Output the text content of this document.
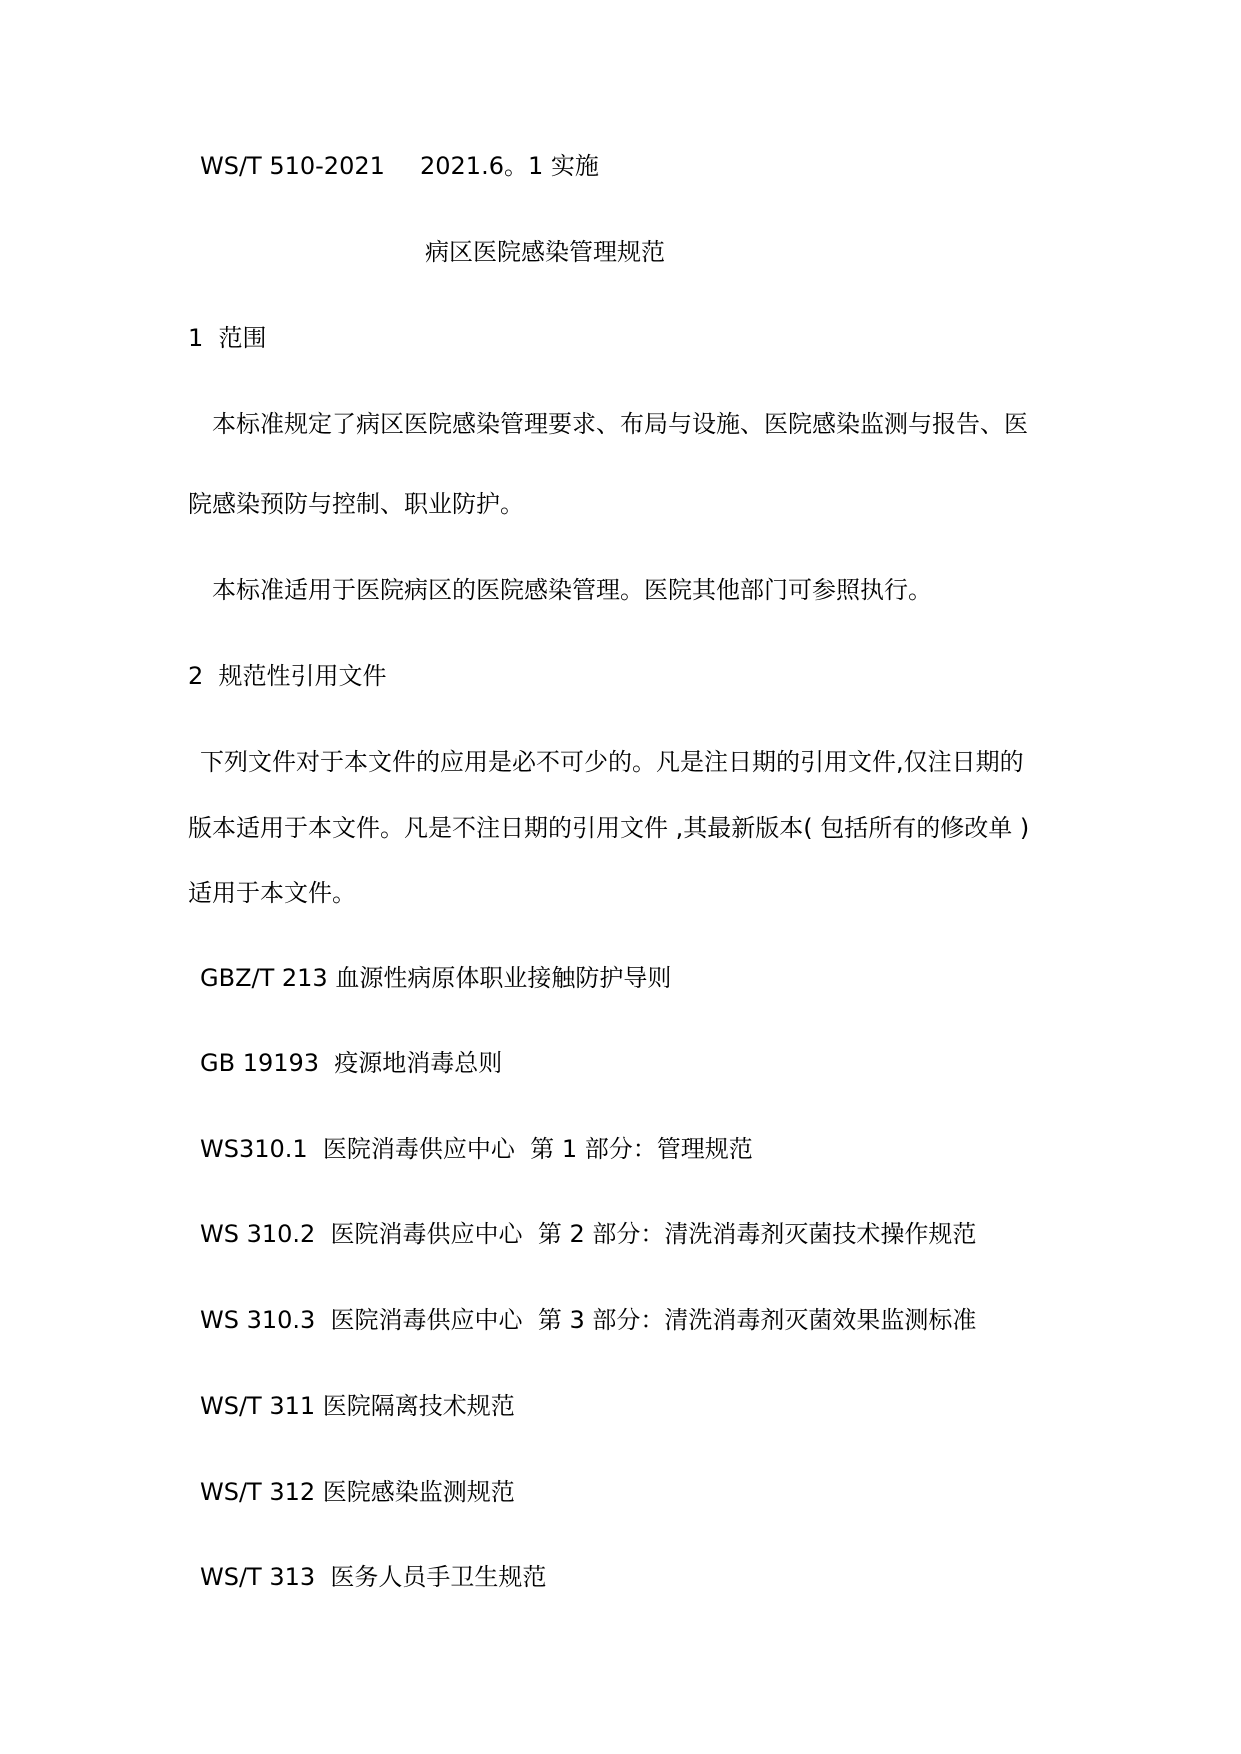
WS/T 510-2021 2021.6。1 实施

病区医院感染管理规范

1  范围

本标准规定了病区医院感染管理要求、布局与设施、医院感染监测与报告、医

院感染预防与控制、职业防护。

本标准适用于医院病区的医院感染管理。医院其他部门可参照执行。

2  规范性引用文件

下列文件对于本文件的应用是必不可少的。凡是注日期的引用文件,仅注日期的

版本适用于本文件。凡是不注日期的引用文件 ,其最新版本( 包括所有的修改单 )

适用于本文件。

GBZ/T 213 血源性病原体职业接触防护导则

GB 19193  疫源地消毒总则

WS310.1  医院消毒供应中心  第 1 部分：管理规范

WS 310.2  医院消毒供应中心  第 2 部分：清洗消毒剂灭菌技术操作规范

WS 310.3  医院消毒供应中心  第 3 部分：清洗消毒剂灭菌效果监测标准

WS/T 311 医院隔离技术规范

WS/T 312 医院感染监测规范

WS/T 313  医务人员手卫生规范
